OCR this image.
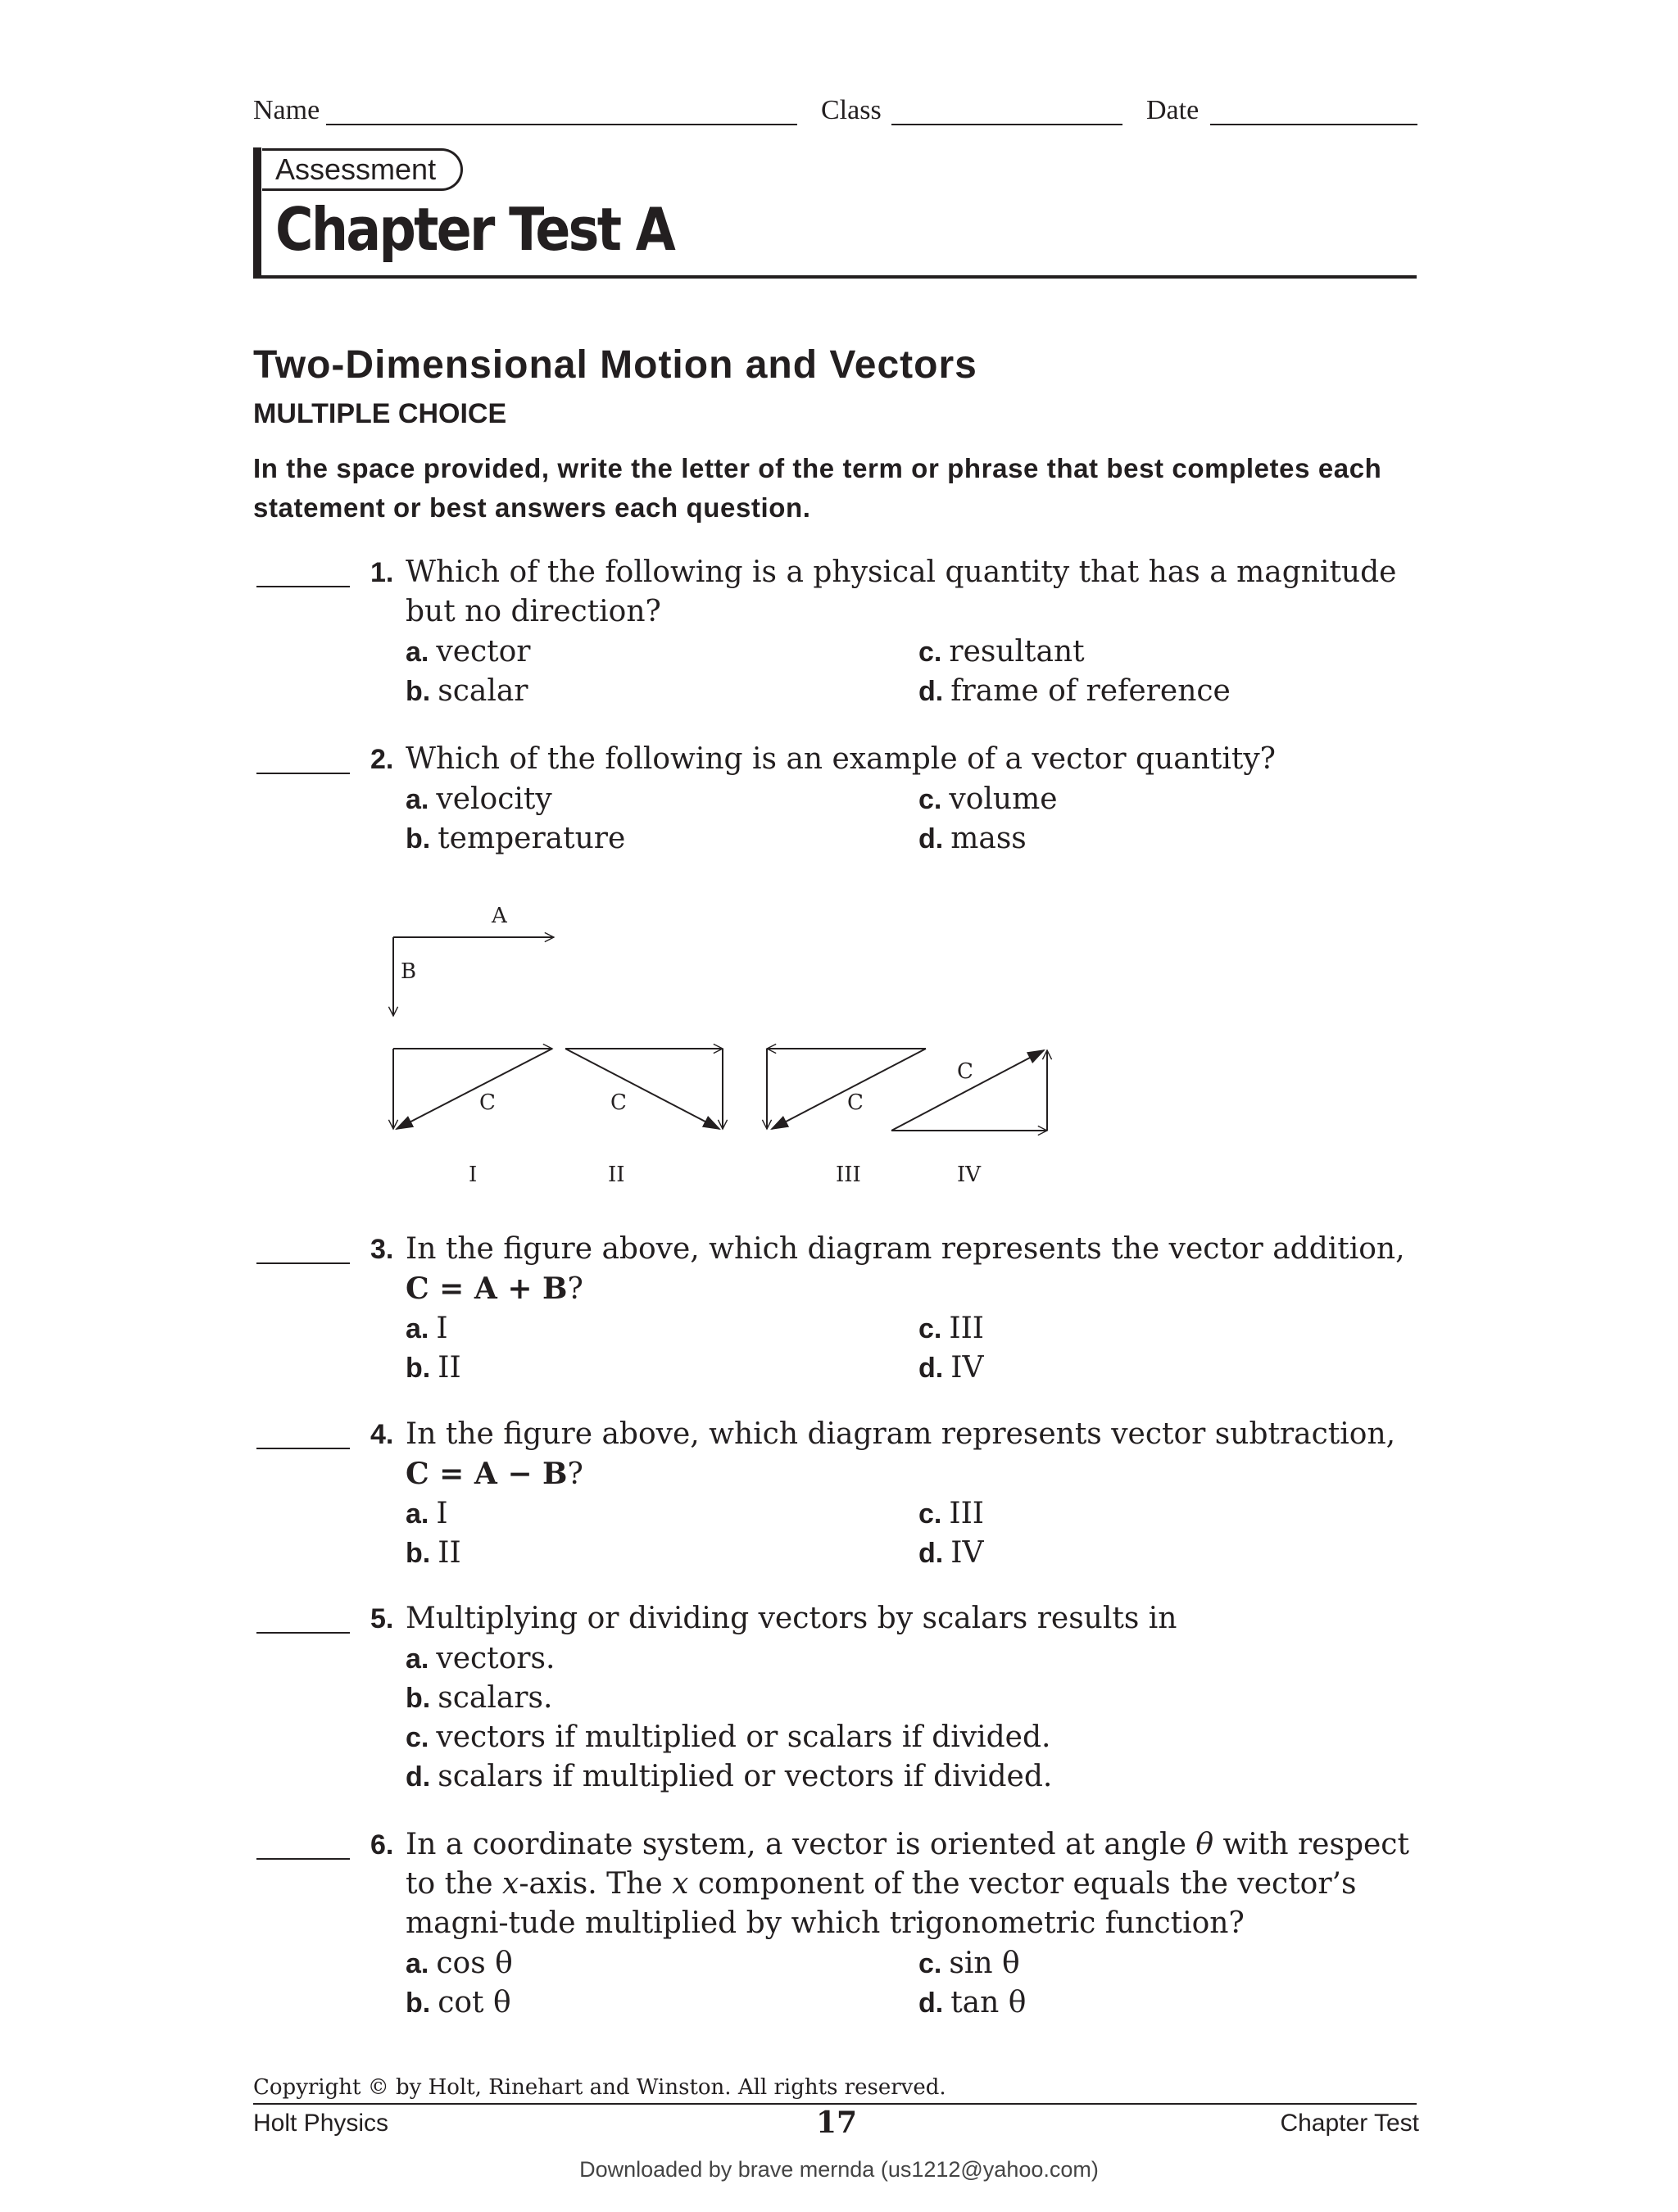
Name	Class	Date
Assessment
Chapter Test A
Two-Dimensional Motion and Vectors
MULTIPLE CHOICE
In the space provided, write the letter of the term or phrase that best completes each statement or best answers each question.
1. Which of the following is a physical quantity that has a magnitude but no direction?
a. vector
b. scalar
c. resultant
d. frame of reference
2. Which of the following is an example of a vector quantity?
a. velocity
b. temperature
c. volume
d. mass
A
B
C	C	C
C
I	II	III	IV
3. In the figure above, which diagram represents the vector addition,
C = A + B?
a. I
b. II
c. III
d. IV
4. In the figure above, which diagram represents vector subtraction,
C = A − B?
a. I
b. II
c. III
d. IV
5. Multiplying or dividing vectors by scalars results in
a. vectors.
b. scalars.
c. vectors if multiplied or scalars if divided.
d. scalars if multiplied or vectors if divided.
6. In a coordinate system, a vector is oriented at angle θ with respect to the x-axis. The x component of the vector equals the vector’s magni-tude multiplied by which trigonometric function?
a. cos θ
b. cot θ
c. sin θ
d. tan θ
Copyright © by Holt, Rinehart and Winston. All rights reserved.
Holt Physics	17	Chapter Test
Downloaded by brave mernda (us1212@yahoo.com)
